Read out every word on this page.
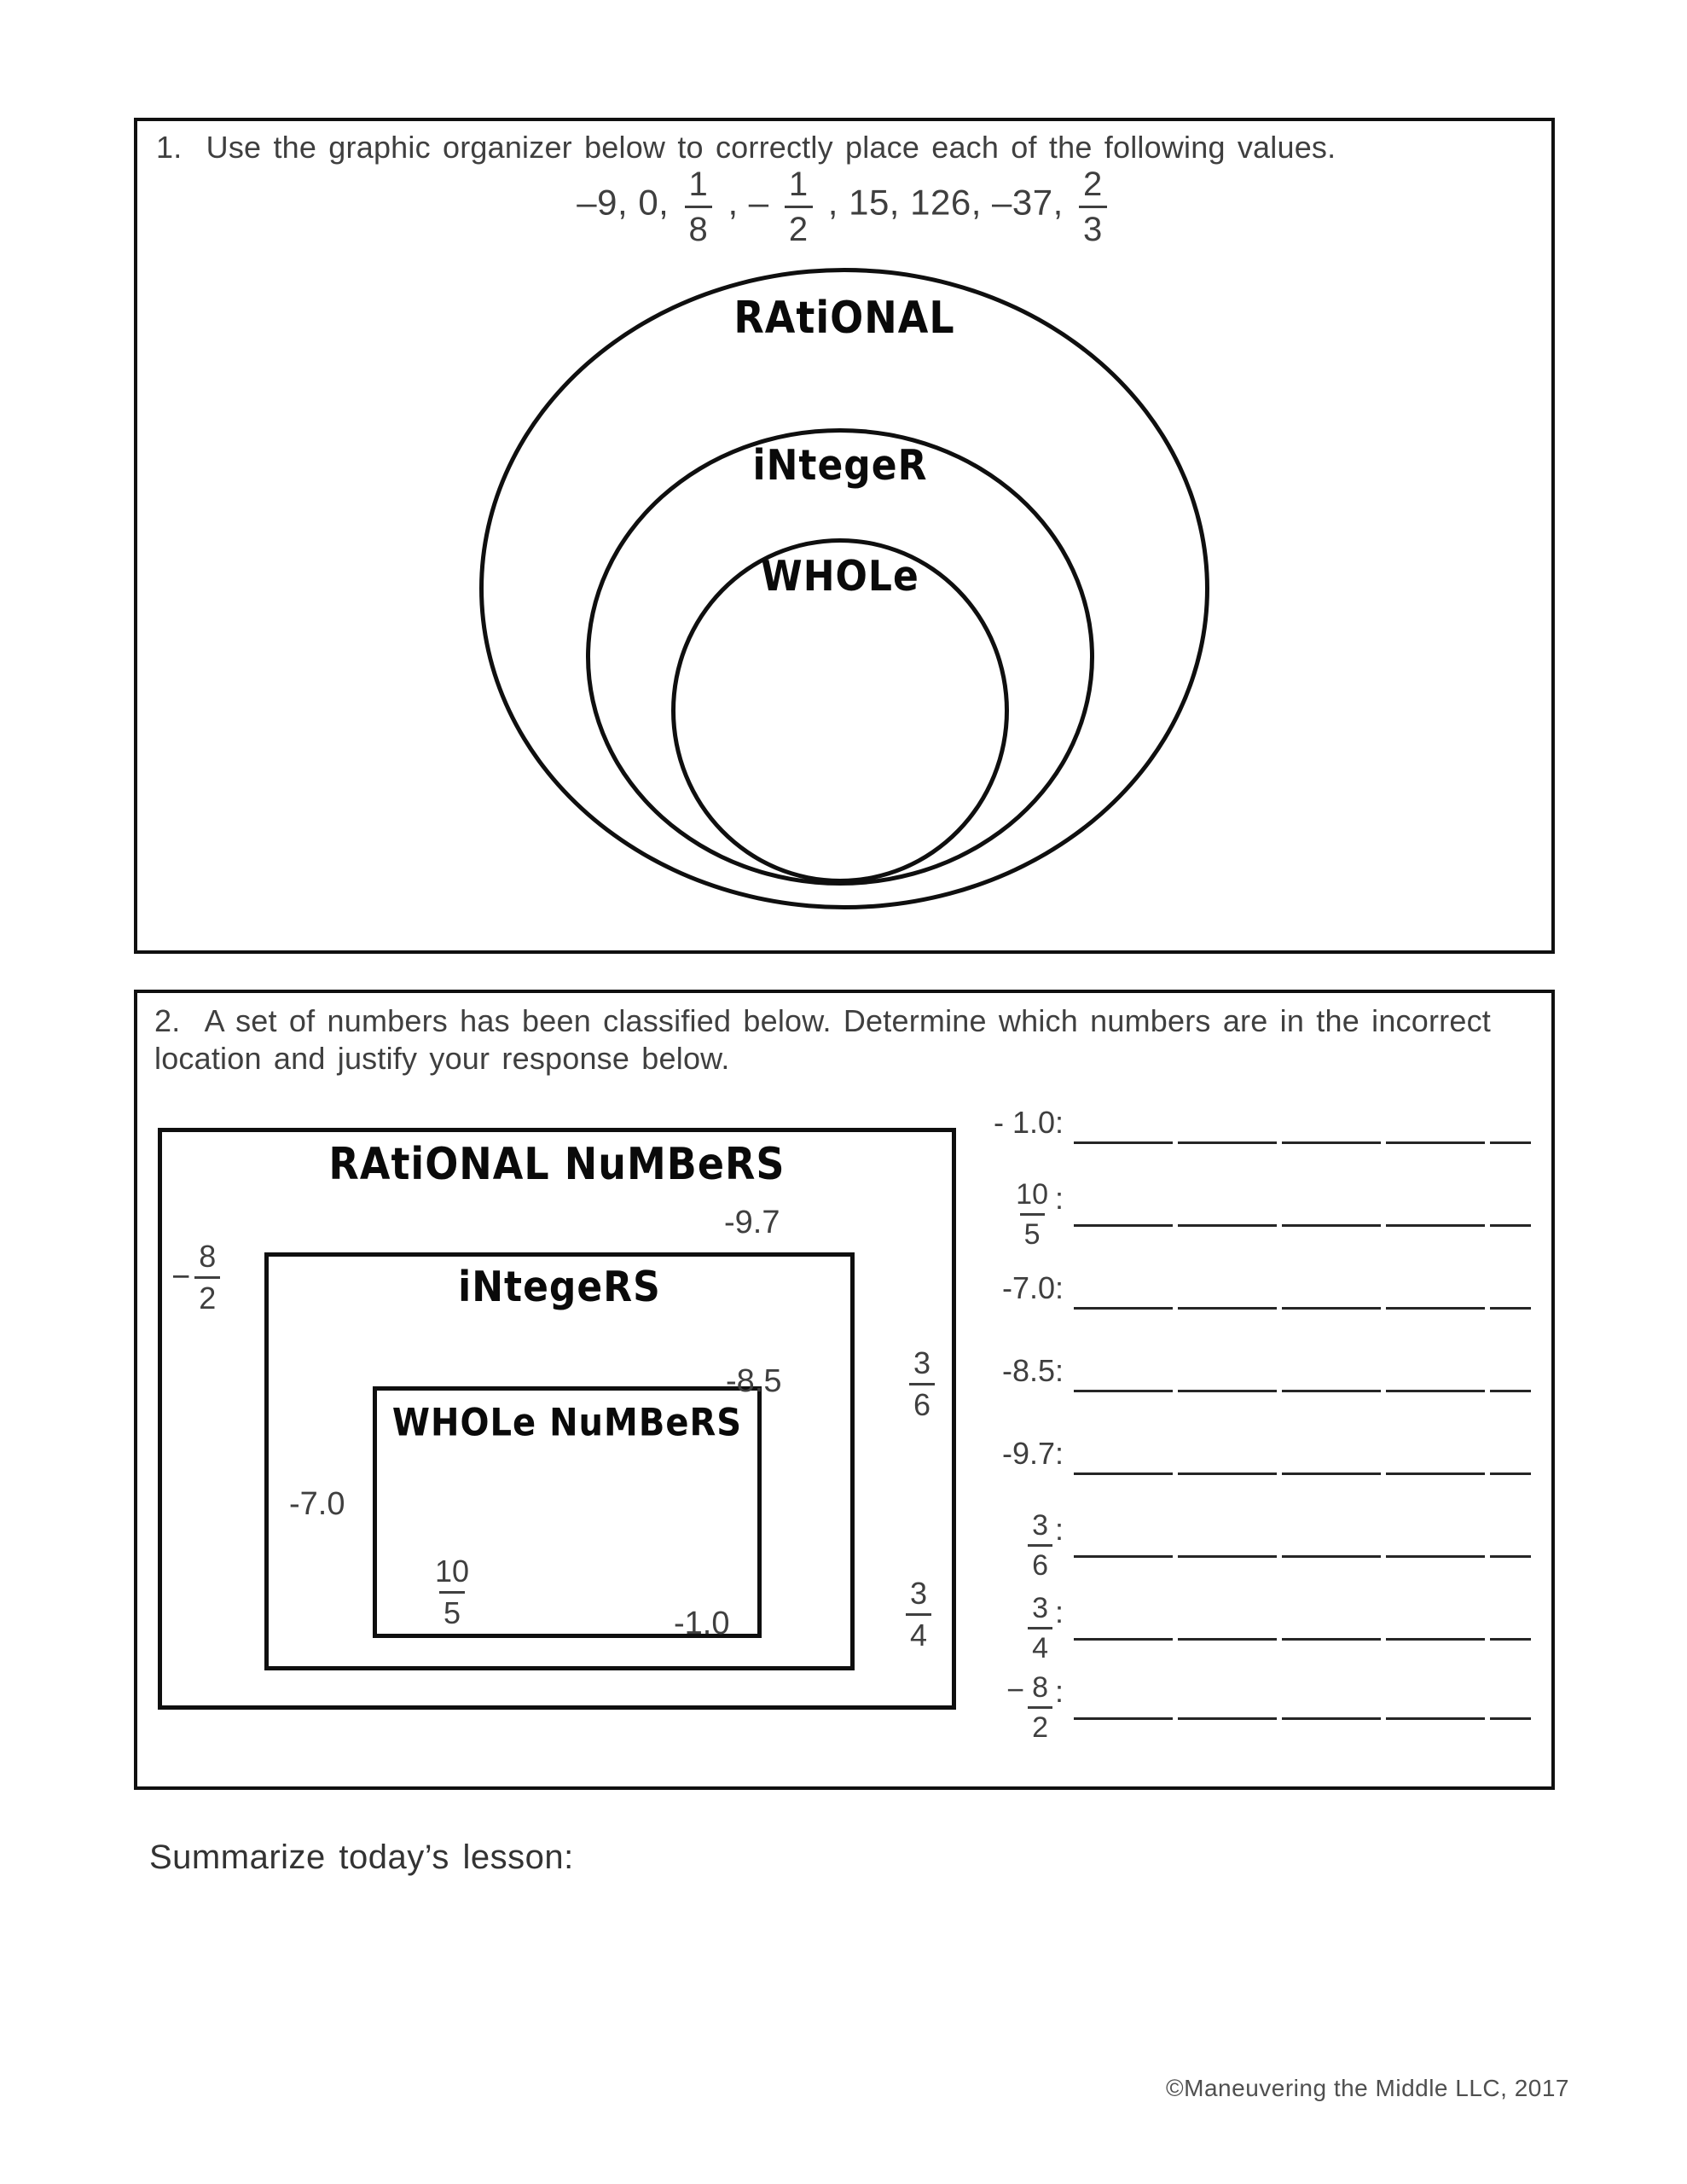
1. Use the graphic organizer below to correctly place each of the following values.
–9, 0, $\frac{1}{8}$ , – $\frac{1}{2}$ , 15, 126, –37, $\frac{2}{3}$
RAtiONAL
iNtegeR
WHOLe
2. A set of numbers has been classified below. Determine which numbers are in the incorrect
location and justify your response below.
RAtiONAL NuMBeRS
iNtegeRS
WHOLe NuMBeRS
-9.7
− $\frac{8}{2}$
-8.5	$\frac{3}{6}$
-7.0
$\frac{10}{5}$	-1.0	$\frac{3}{4}$
- 1.0:
$\frac{10}{5}$ :
-7.0:
-8.5:
-9.7:
$\frac{3}{6}$ :
$\frac{3}{4}$ :
− $\frac{8}{2}$ :
Summarize today’s lesson:
©Maneuvering the Middle LLC, 2017
